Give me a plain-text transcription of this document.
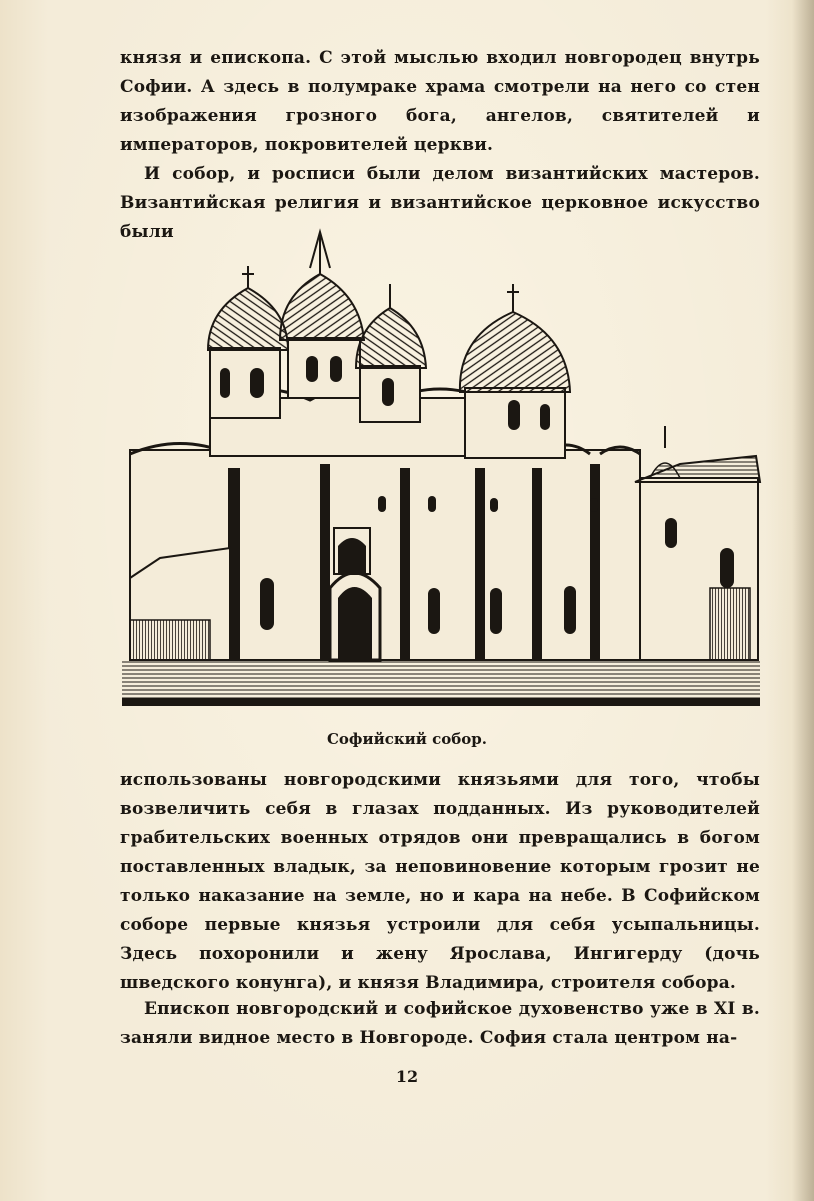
князя и епископа. С этой мыслью входил новгородец внутрь Софии. А здесь в полумраке храма смотрели на него со стен изображения грозного бога, ангелов, святителей и императоров, покровителей церкви.

И собор, и росписи были делом византийских мастеров. Византийская религия и византийское церковное искусство были

Софийский собор.

использованы новгородскими князьями для того, чтобы возвеличить себя в глазах подданных. Из руководителей грабительских военных отрядов они превращались в богом поставленных владык, за неповиновение которым грозит не только наказание на земле, но и кара на небе. В Софийском соборе первые князья устроили для себя усыпальницы. Здесь похоронили и жену Ярослава, Ингигерду (дочь шведского конунга), и князя Владимира, строителя собора.

Епископ новгородский и софийское духовенство уже в XI в. заняли видное место в Новгороде. София стала центром на-

12
